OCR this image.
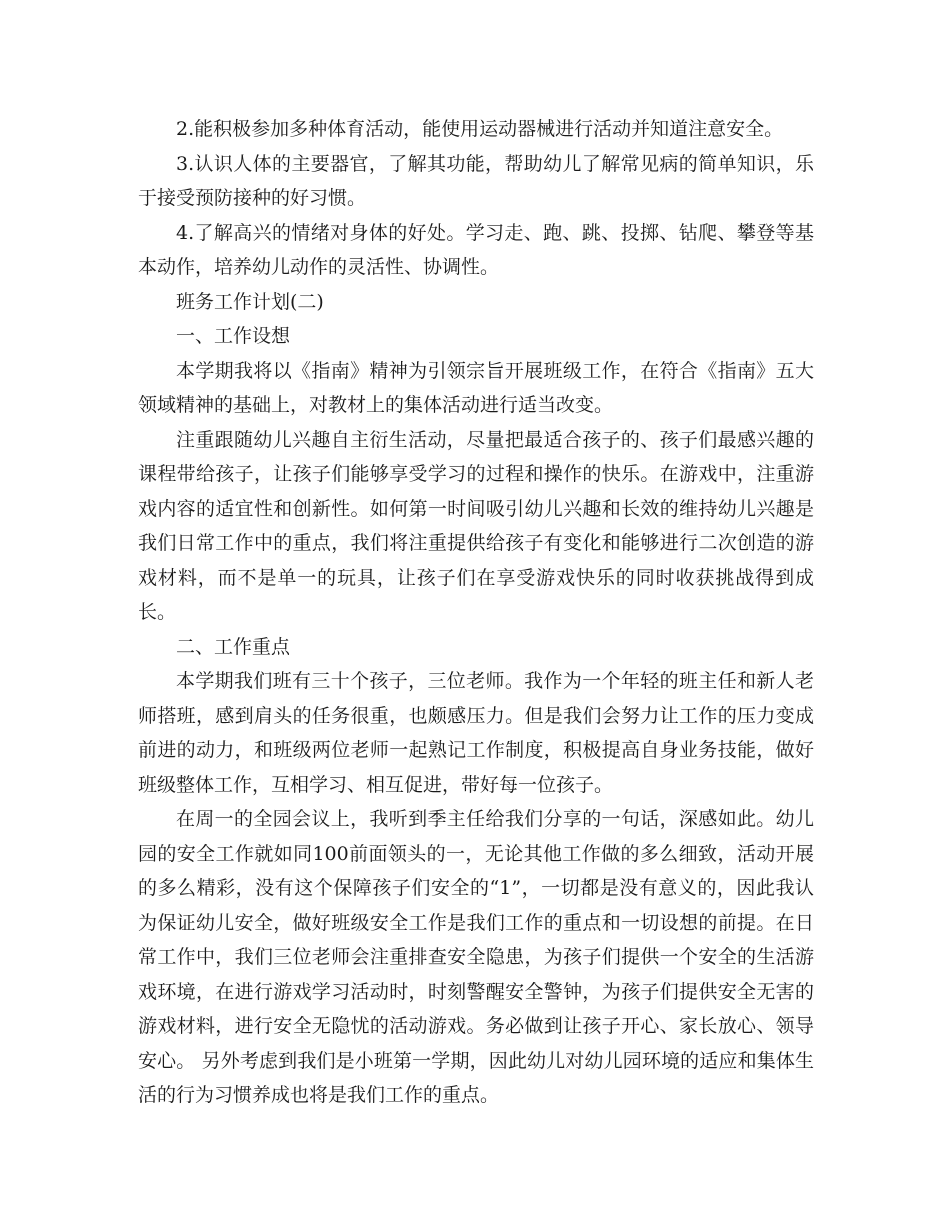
2.能积极参加多种体育活动，能使用运动器械进行活动并知道注意安全。

3.认识人体的主要器官，了解其功能，帮助幼儿了解常见病的简单知识，乐于接受预防接种的好习惯。

4.了解高兴的情绪对身体的好处。学习走、跑、跳、投掷、钻爬、攀登等基本动作，培养幼儿动作的灵活性、协调性。

班务工作计划(二)

一、工作设想

本学期我将以《指南》精神为引领宗旨开展班级工作，在符合《指南》五大领域精神的基础上，对教材上的集体活动进行适当改变。

注重跟随幼儿兴趣自主衍生活动，尽量把最适合孩子的、孩子们最感兴趣的课程带给孩子，让孩子们能够享受学习的过程和操作的快乐。在游戏中，注重游戏内容的适宜性和创新性。如何第一时间吸引幼儿兴趣和长效的维持幼儿兴趣是我们日常工作中的重点，我们将注重提供给孩子有变化和能够进行二次创造的游戏材料，而不是单一的玩具，让孩子们在享受游戏快乐的同时收获挑战得到成长。

二、工作重点

本学期我们班有三十个孩子，三位老师。我作为一个年轻的班主任和新人老师搭班，感到肩头的任务很重，也颇感压力。但是我们会努力让工作的压力变成前进的动力，和班级两位老师一起熟记工作制度，积极提高自身业务技能，做好班级整体工作，互相学习、相互促进，带好每一位孩子。

在周一的全园会议上，我听到季主任给我们分享的一句话，深感如此。幼儿园的安全工作就如同100前面领头的一，无论其他工作做的多么细致，活动开展的多么精彩，没有这个保障孩子们安全的“1”，一切都是没有意义的，因此我认为保证幼儿安全，做好班级安全工作是我们工作的重点和一切设想的前提。在日常工作中，我们三位老师会注重排查安全隐患，为孩子们提供一个安全的生活游戏环境，在进行游戏学习活动时，时刻警醒安全警钟，为孩子们提供安全无害的游戏材料，进行安全无隐忧的活动游戏。务必做到让孩子开心、家长放心、领导安心。 另外考虑到我们是小班第一学期，因此幼儿对幼儿园环境的适应和集体生活的行为习惯养成也将是我们工作的重点。
